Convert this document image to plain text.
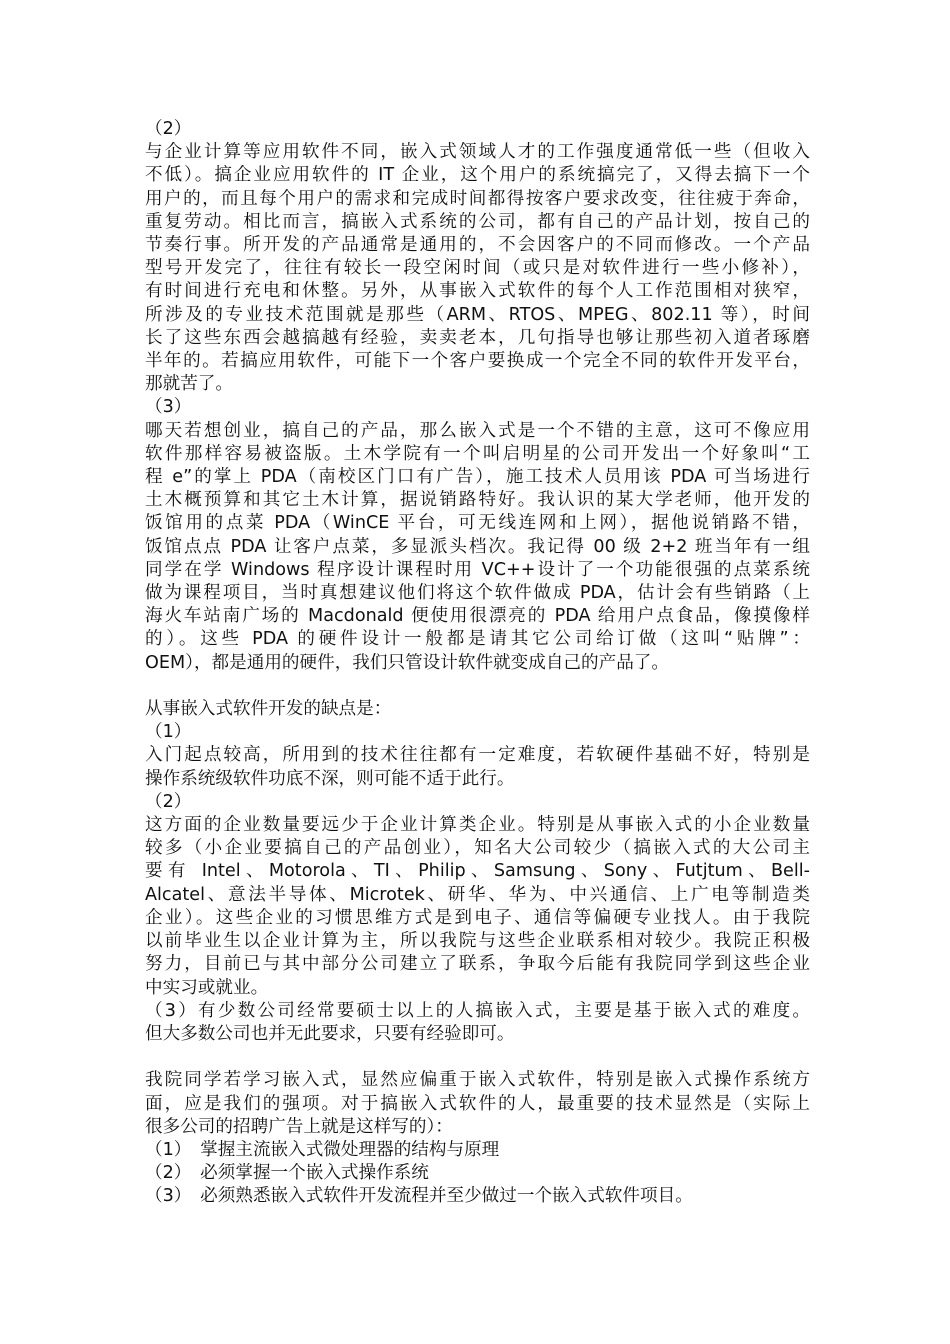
（2）
与企业计算等应用软件不同，嵌入式领域人才的工作强度通常低一些（但收入
不低）。搞企业应用软件的 IT 企业，这个用户的系统搞完了，又得去搞下一个
用户的，而且每个用户的需求和完成时间都得按客户要求改变，往往疲于奔命，
重复劳动。相比而言，搞嵌入式系统的公司，都有自己的产品计划，按自己的
节奏行事。所开发的产品通常是通用的，不会因客户的不同而修改。一个产品
型号开发完了，往往有较长一段空闲时间（或只是对软件进行一些小修补），
有时间进行充电和休整。另外，从事嵌入式软件的每个人工作范围相对狭窄，
所涉及的专业技术范围就是那些（ARM、RTOS、MPEG、802.11 等），时间
长了这些东西会越搞越有经验，卖卖老本，几句指导也够让那些初入道者琢磨
半年的。若搞应用软件，可能下一个客户要换成一个完全不同的软件开发平台，
那就苦了。
（3）
哪天若想创业，搞自己的产品，那么嵌入式是一个不错的主意，这可不像应用
软件那样容易被盗版。土木学院有一个叫启明星的公司开发出一个好象叫“工
程 e”的掌上 PDA（南校区门口有广告），施工技术人员用该 PDA 可当场进行
土木概预算和其它土木计算，据说销路特好。我认识的某大学老师，他开发的
饭馆用的点菜 PDA（WinCE 平台，可无线连网和上网），据他说销路不错，
饭馆点点 PDA 让客户点菜，多显派头档次。我记得 00 级 2+2 班当年有一组
同学在学 Windows 程序设计课程时用 VC++设计了一个功能很强的点菜系统
做为课程项目，当时真想建议他们将这个软件做成 PDA，估计会有些销路（上
海火车站南广场的 Macdonald 便使用很漂亮的 PDA 给用户点食品，像摸像样
的）。这些 PDA 的硬件设计一般都是请其它公司给订做（这叫“贴牌”：
OEM），都是通用的硬件，我们只管设计软件就变成自己的产品了。
从事嵌入式软件开发的缺点是：
（1）
入门起点较高，所用到的技术往往都有一定难度，若软硬件基础不好，特别是
操作系统级软件功底不深，则可能不适于此行。
（2）
这方面的企业数量要远少于企业计算类企业。特别是从事嵌入式的小企业数量
较多（小企业要搞自己的产品创业），知名大公司较少（搞嵌入式的大公司主
要有 Intel、Motorola、TI、Philip、Samsung、Sony、Futjtum、Bell-
Alcatel、意法半导体、Microtek、研华、华为、中兴通信、上广电等制造类
企业）。这些企业的习惯思维方式是到电子、通信等偏硬专业找人。由于我院
以前毕业生以企业计算为主，所以我院与这些企业联系相对较少。我院正积极
努力，目前已与其中部分公司建立了联系，争取今后能有我院同学到这些企业
中实习或就业。
（3）有少数公司经常要硕士以上的人搞嵌入式，主要是基于嵌入式的难度。
但大多数公司也并无此要求，只要有经验即可。
我院同学若学习嵌入式，显然应偏重于嵌入式软件，特别是嵌入式操作系统方
面，应是我们的强项。对于搞嵌入式软件的人，最重要的技术显然是（实际上
很多公司的招聘广告上就是这样写的）：
（1）　掌握主流嵌入式微处理器的结构与原理
（2）　必须掌握一个嵌入式操作系统
（3）　必须熟悉嵌入式软件开发流程并至少做过一个嵌入式软件项目。
